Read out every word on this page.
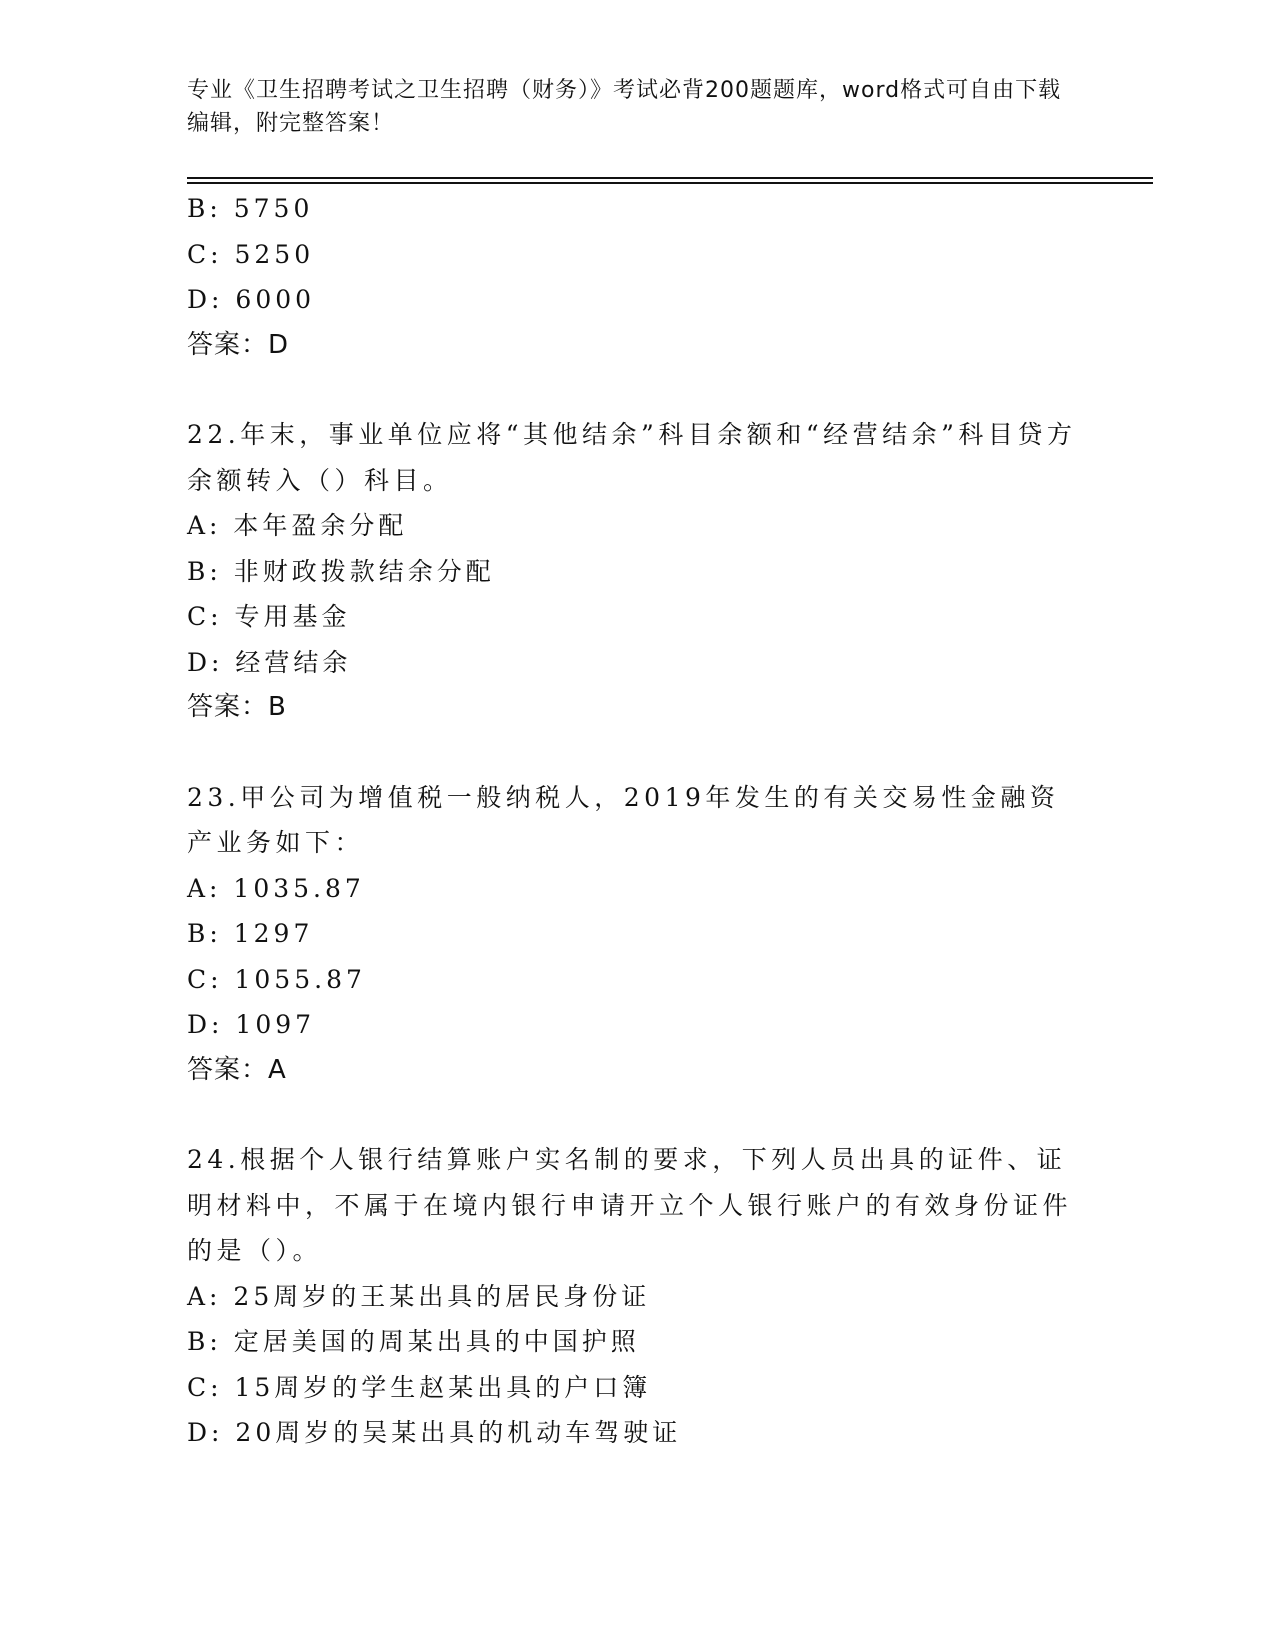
专业《卫生招聘考试之卫生招聘（财务）》考试必背200题题库，word格式可自由下载编辑，附完整答案！
B: 5750
C: 5250
D: 6000
答案：D
22.年末，事业单位应将“其他结余”科目余额和“经营结余”科目贷方余额转入（）科目。
A: 本年盈余分配
B: 非财政拨款结余分配
C: 专用基金
D: 经营结余
答案：B
23.甲公司为增值税一般纳税人，2019年发生的有关交易性金融资产业务如下：
A: 1035.87
B: 1297
C: 1055.87
D: 1097
答案：A
24.根据个人银行结算账户实名制的要求，下列人员出具的证件、证明材料中，不属于在境内银行申请开立个人银行账户的有效身份证件的是（）。
A: 25周岁的王某出具的居民身份证
B: 定居美国的周某出具的中国护照
C: 15周岁的学生赵某出具的户口簿
D: 20周岁的吴某出具的机动车驾驶证
